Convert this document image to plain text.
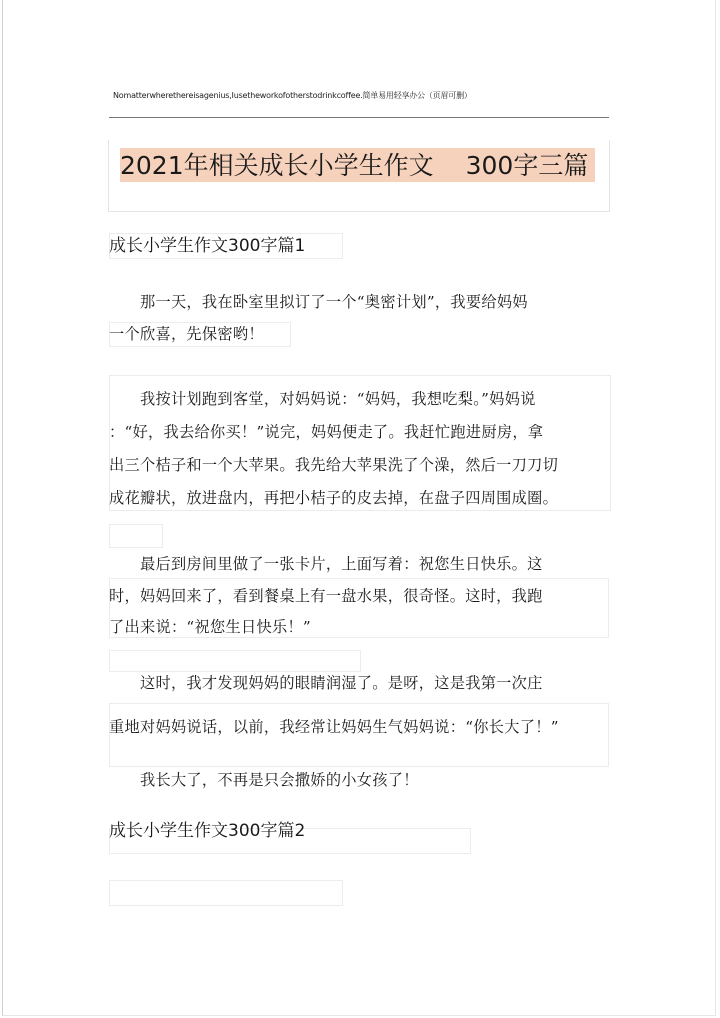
Nomatterwherethereisagenius,Iusetheworkofotherstodrinkcoffee.简单易用轻享办公（页眉可删）
2021年相关成长小学生作文 300字三篇
成长小学生作文300字篇1
　　那一天，我在卧室里拟订了一个“奥密计划”，我要给妈妈
一个欣喜，先保密哟！
　　我按计划跑到客堂，对妈妈说：“妈妈，我想吃梨。”妈妈说
：“好，我去给你买！”说完，妈妈便走了。我赶忙跑进厨房，拿
出三个桔子和一个大苹果。我先给大苹果洗了个澡，然后一刀刀切
成花瓣状，放进盘内，再把小桔子的皮去掉，在盘子四周围成圈。
　　最后到房间里做了一张卡片，上面写着：祝您生日快乐。这
时，妈妈回来了，看到餐桌上有一盘水果，很奇怪。这时，我跑
了出来说：“祝您生日快乐！”
　　这时，我才发现妈妈的眼睛润湿了。是呀，这是我第一次庄
重地对妈妈说话，以前，我经常让妈妈生气妈妈说：“你长大了！”
　　我长大了，不再是只会撒娇的小女孩了！
成长小学生作文300字篇2
